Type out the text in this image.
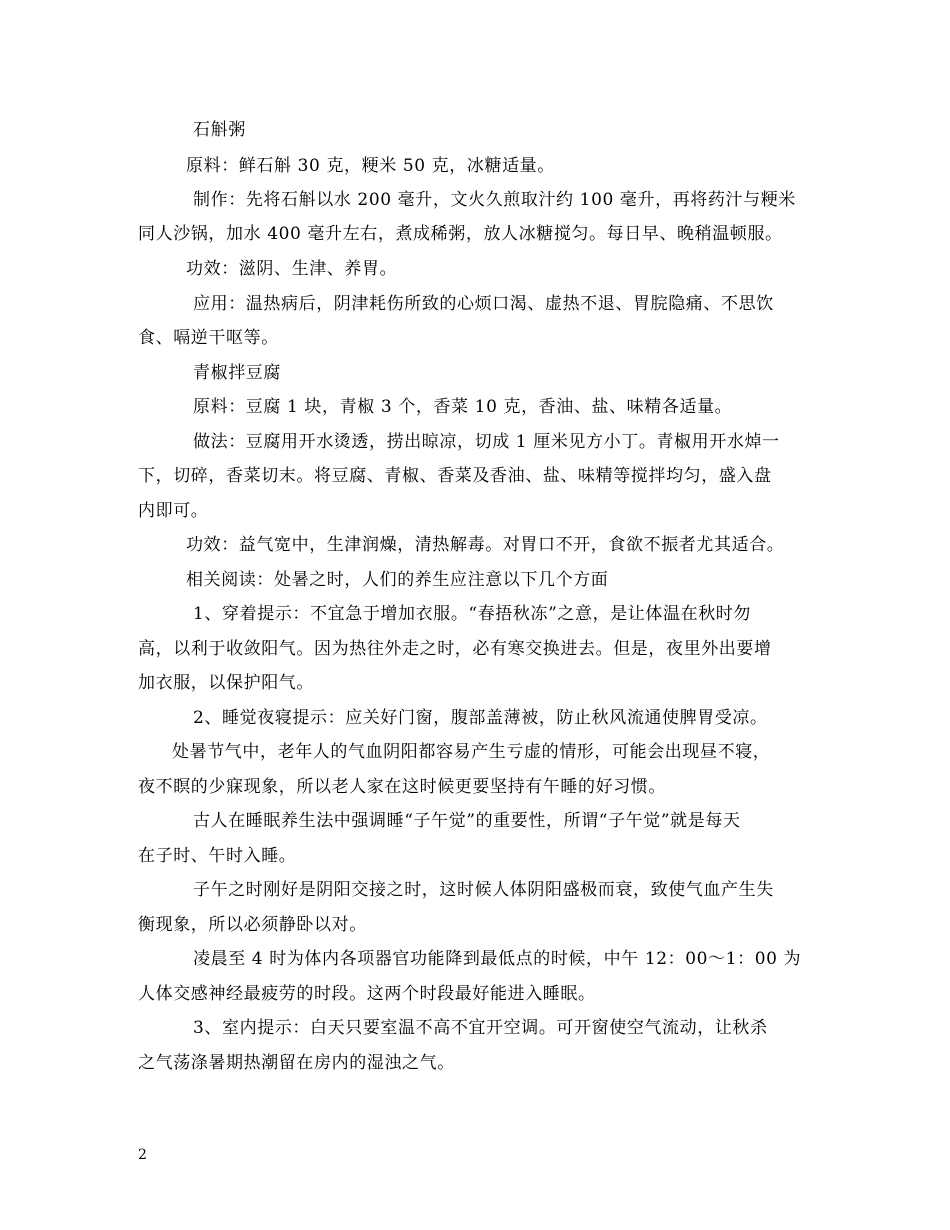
石斛粥
原料：鲜石斛 30 克，粳米 50 克，冰糖适量。
制作：先将石斛以水 200 毫升，文火久煎取汁约 100 毫升，再将药汁与粳米
同人沙锅，加水 400 毫升左右，煮成稀粥，放人冰糖搅匀。每日早、晚稍温顿服。
功效：滋阴、生津、养胃。
应用：温热病后，阴津耗伤所致的心烦口渴、虚热不退、胃脘隐痛、不思饮
食、嗝逆干呕等。
青椒拌豆腐
原料：豆腐 1 块，青椒 3 个，香菜 10 克，香油、盐、味精各适量。
做法：豆腐用开水烫透，捞出晾凉，切成 1 厘米见方小丁。青椒用开水焯一
下，切碎，香菜切末。将豆腐、青椒、香菜及香油、盐、味精等搅拌均匀，盛入盘
内即可。
功效：益气宽中，生津润燥，清热解毒。对胃口不开，食欲不振者尤其适合。
相关阅读：处暑之时，人们的养生应注意以下几个方面
1、穿着提示：不宜急于增加衣服。“春捂秋冻”之意，是让体温在秋时勿
高，以利于收敛阳气。因为热往外走之时，必有寒交换进去。但是，夜里外出要增
加衣服，以保护阳气。
2、睡觉夜寝提示：应关好门窗，腹部盖薄被，防止秋风流通使脾胃受凉。
处暑节气中，老年人的气血阴阳都容易产生亏虚的情形，可能会出现昼不寝，
夜不瞑的少寐现象，所以老人家在这时候更要坚持有午睡的好习惯。
古人在睡眠养生法中强调睡“子午觉”的重要性，所谓“子午觉”就是每天
在子时、午时入睡。
子午之时刚好是阴阳交接之时，这时候人体阴阳盛极而衰，致使气血产生失
衡现象，所以必须静卧以对。
凌晨至 4 时为体内各项器官功能降到最低点的时候，中午 12：00～1：00 为
人体交感神经最疲劳的时段。这两个时段最好能进入睡眠。
3、室内提示：白天只要室温不高不宜开空调。可开窗使空气流动，让秋杀
之气荡涤暑期热潮留在房内的湿浊之气。
2
